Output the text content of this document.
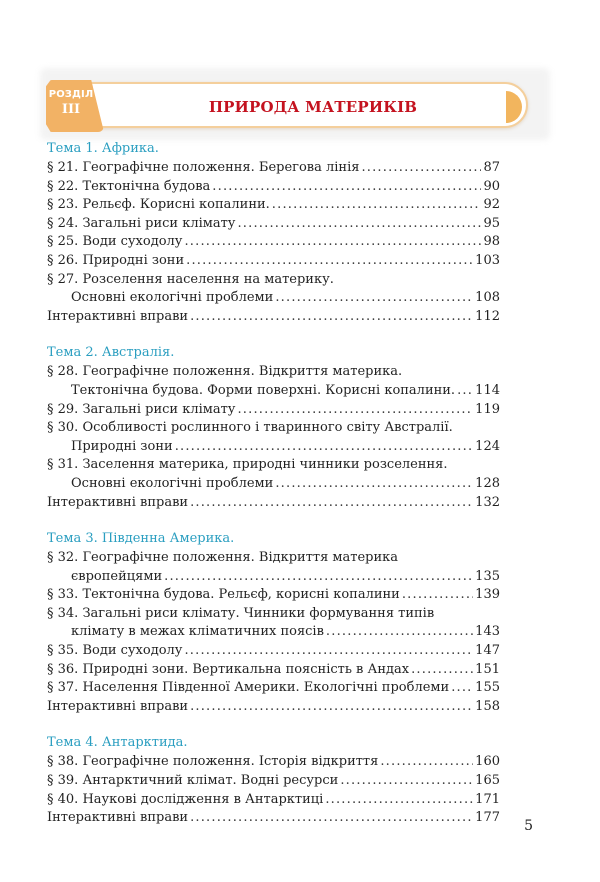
ПРИРОДА МАТЕРИКІВ
РОЗДІЛ
III
Тема 1. Африка.
§ 21. Географічне положення. Берегова лінія .....	87
§ 22. Тектонічна будова .....	90
§ 23. Рельєф. Корисні копалини. .....	92
§ 24. Загальні риси клімату .....	95
§ 25. Води суходолу .....	98
§ 26. Природні зони .....	103
§ 27. Розселення населення на материку.
Основні екологічні проблеми .....	108
Інтерактивні вправи .....	112
Тема 2. Австралія.
§ 28. Географічне положення. Відкриття материка.
Тектонічна будова. Форми поверхні. Корисні копалини. ..... 114
§ 29. Загальні риси клімату .....	119
§ 30. Особливості рослинного і тваринного світу Австралії.
Природні зони .....	124
§ 31. Заселення материка, природні чинники розселення.
Основні екологічні проблеми .....	128
Інтерактивні вправи .....	132
Тема 3. Південна Америка.
§ 32. Географічне положення. Відкриття материка
європейцями .....	135
§ 33. Тектонічна будова. Рельєф, корисні копалини .....	139
§ 34. Загальні риси клімату. Чинники формування типів
клімату в межах кліматичних поясів .....	143
§ 35. Води суходолу .....	147
§ 36. Природні зони. Вертикальна поясність в Андах .....	151
§ 37. Населення Південної Америки. Екологічні проблеми ..... 155
Інтерактивні вправи .....	158
Тема 4. Антарктида.
§ 38. Географічне положення. Історія відкриття .....	160
§ 39. Антарктичний клімат. Водні ресурси .....	165
§ 40. Наукові дослідження в Антарктиці .....	171
Інтерактивні вправи .....	177
5
